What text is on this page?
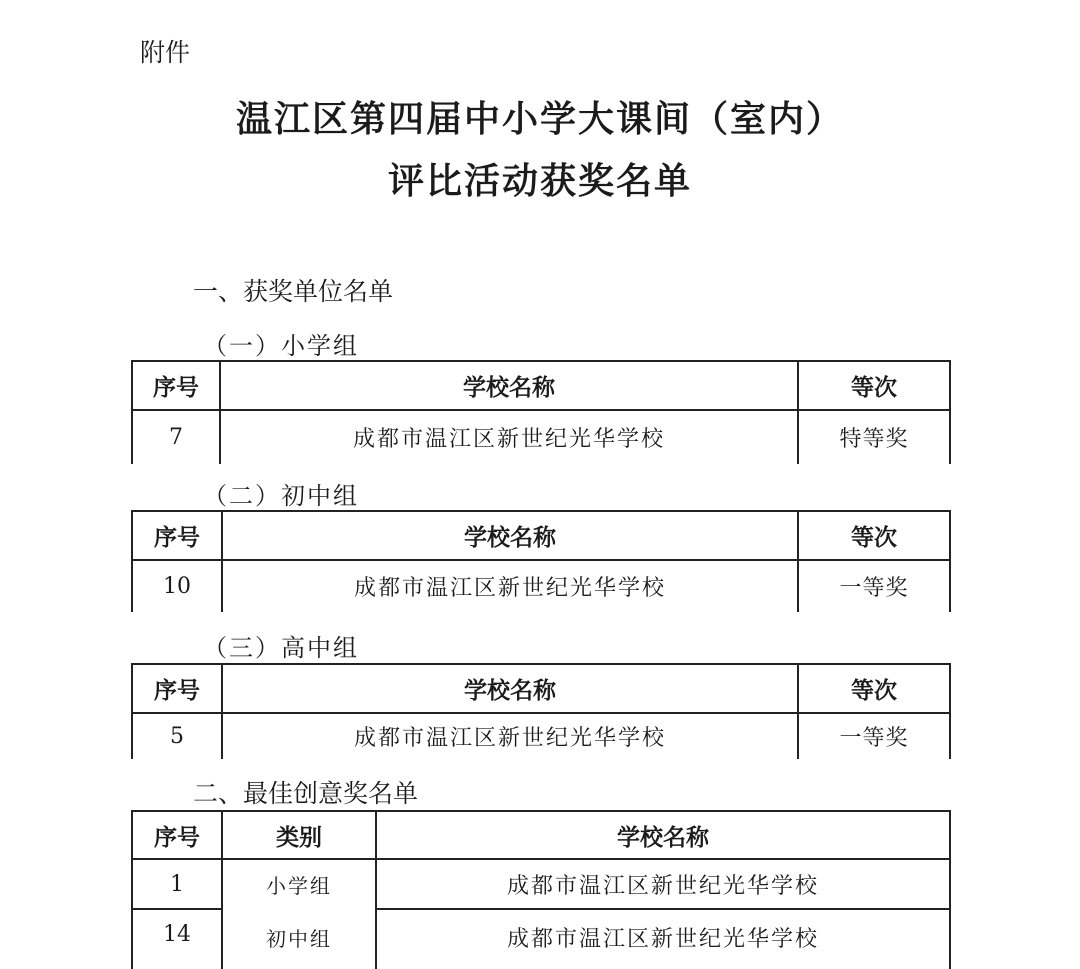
附件
温江区第四届中小学大课间（室内）
评比活动获奖名单
一、获奖单位名单
（一）小学组
序号	学校名称	等次
7	成都市温江区新世纪光华学校	特等奖
（二）初中组
序号	学校名称	等次
10	成都市温江区新世纪光华学校	一等奖
（三）高中组
序号	学校名称	等次
5	成都市温江区新世纪光华学校	一等奖
二、最佳创意奖名单
序号	类别	学校名称
1	小学组	成都市温江区新世纪光华学校
14	初中组	成都市温江区新世纪光华学校
